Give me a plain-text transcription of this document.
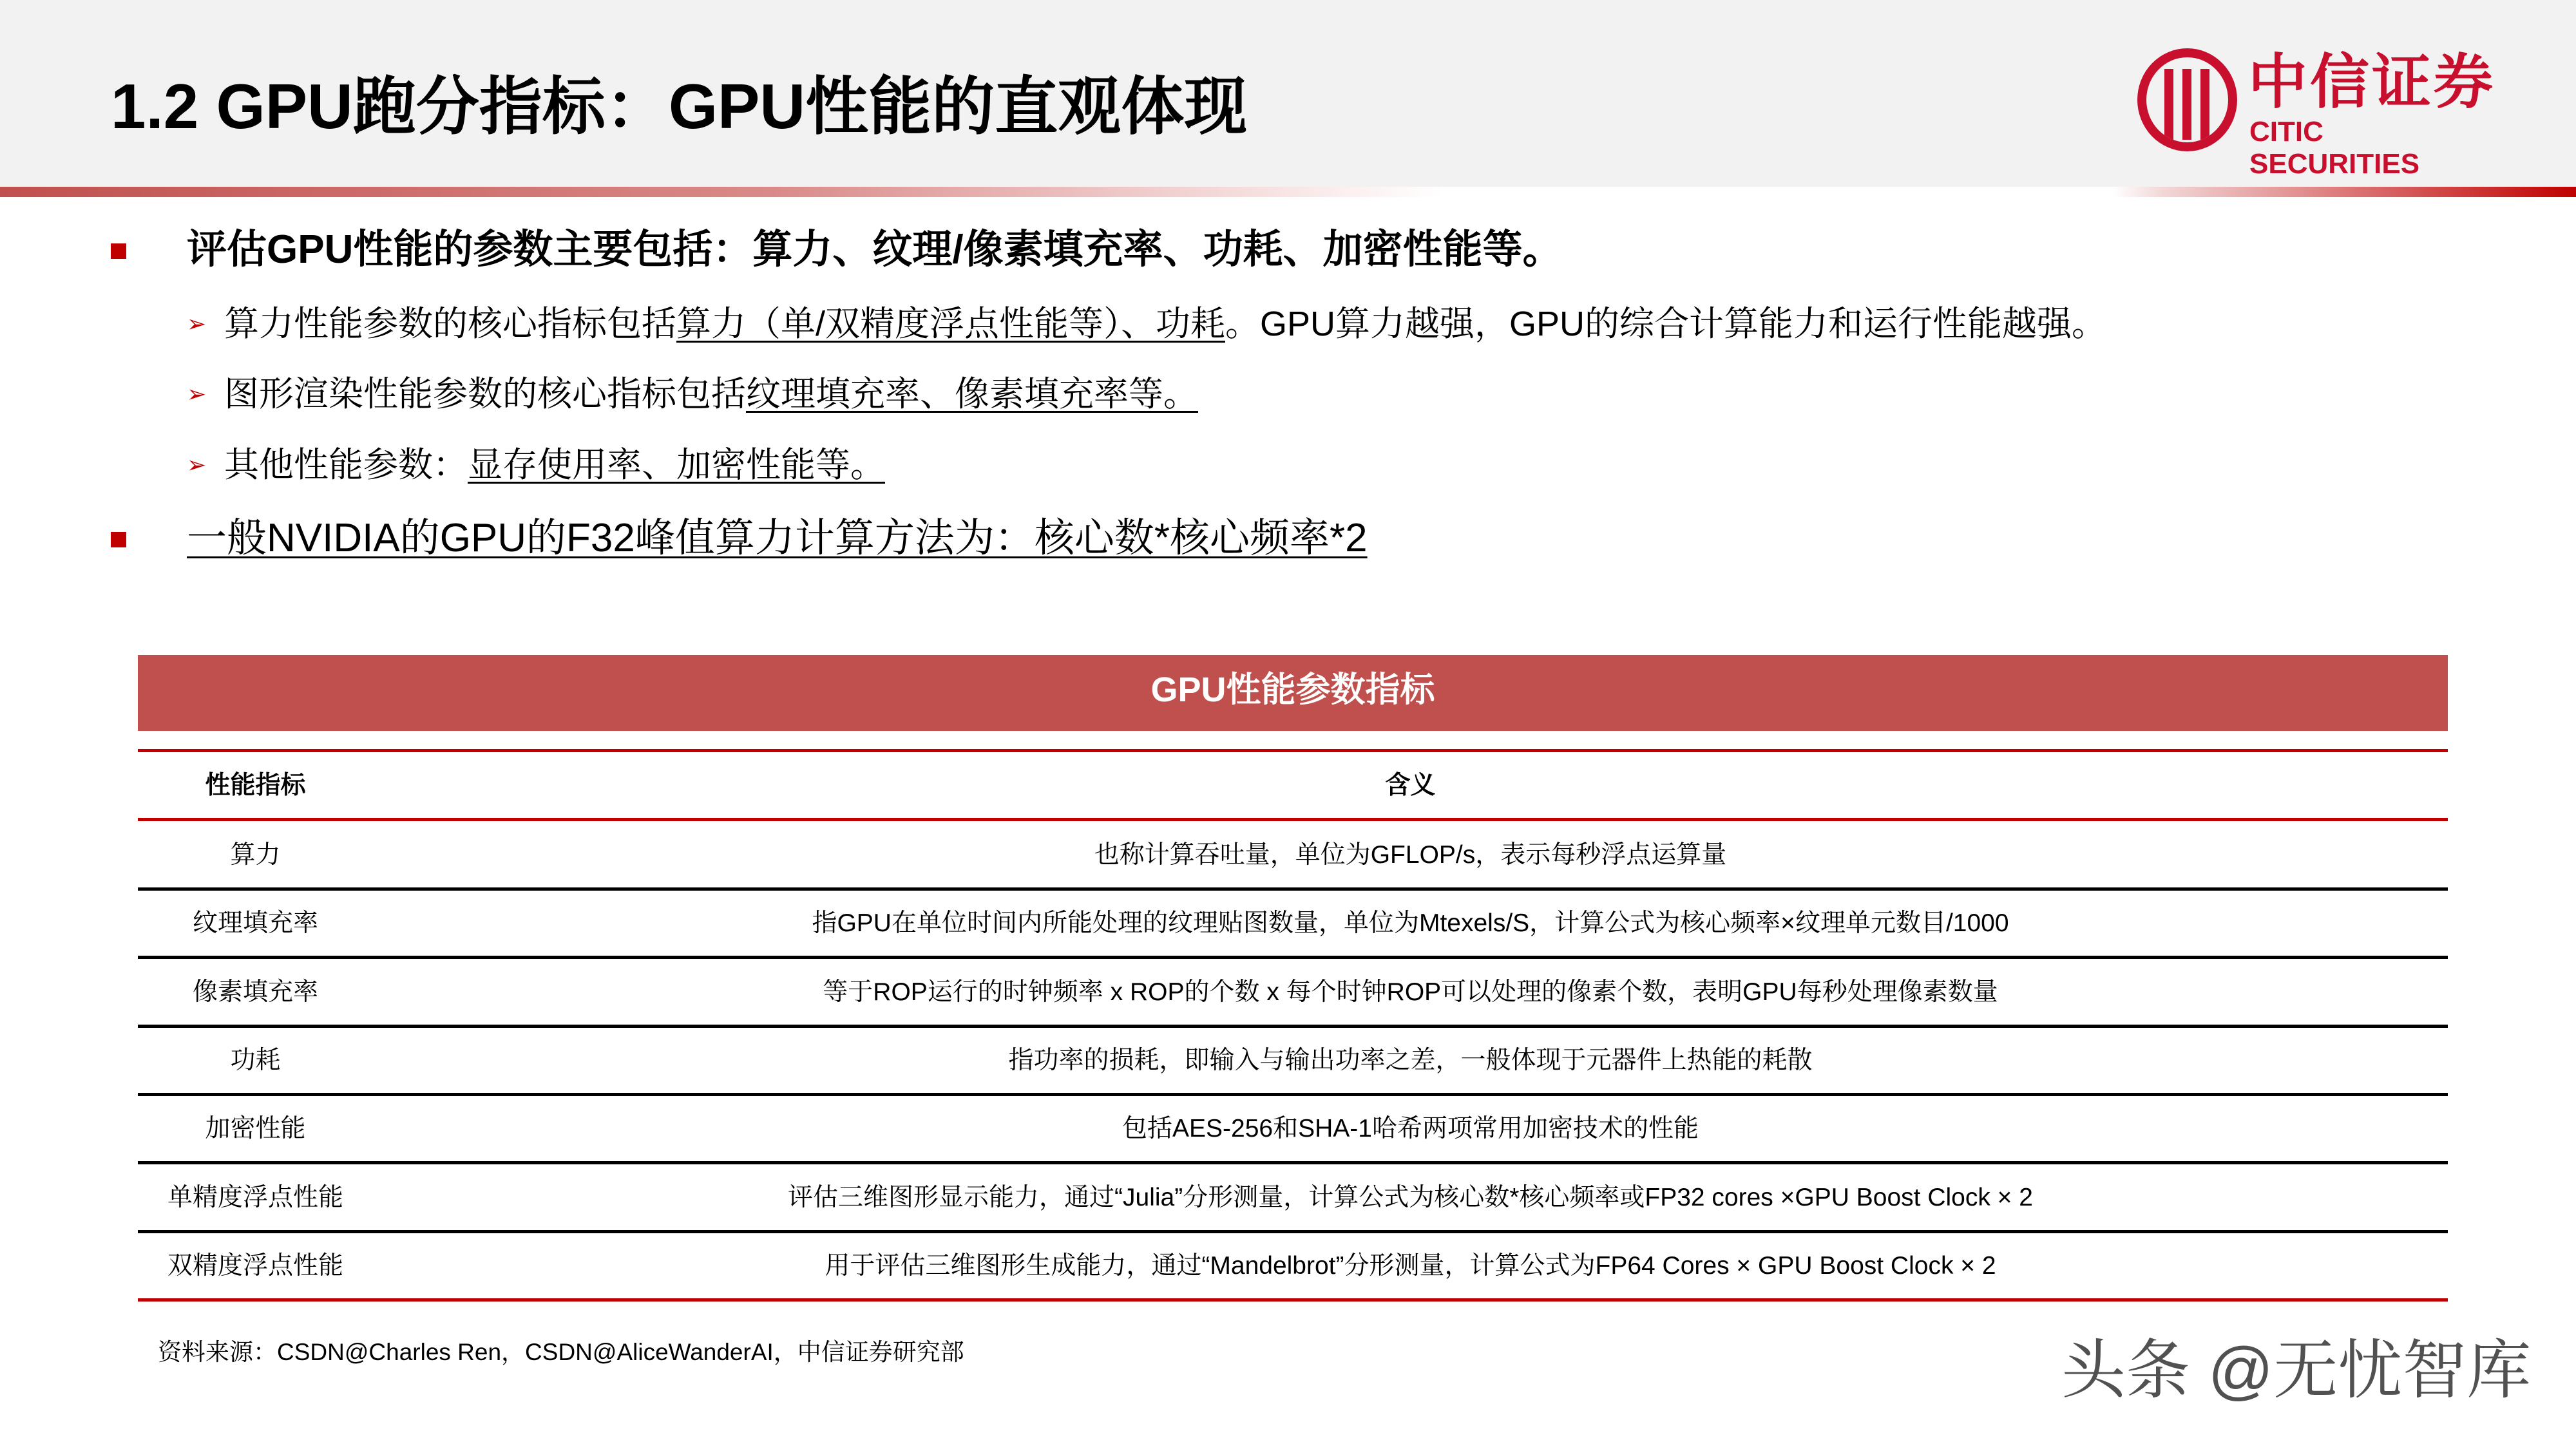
1.2 GPU跑分指标：GPU性能的直观体现	中信证券
CITIC SECURITIES
评估GPU性能的参数主要包括：算力、纹理/像素填充率、功耗、加密性能等。
➢ 算力性能参数的核心指标包括算力（单/双精度浮点性能等）、功耗。GPU算力越强，GPU的综合计算能力和运行性能越强。
➢ 图形渲染性能参数的核心指标包括纹理填充率、像素填充率等。
➢ 其他性能参数：显存使用率、加密性能等。
一般NVIDIA的GPU的F32峰值算力计算方法为：核心数*核心频率*2
GPU性能参数指标
性能指标	含义
算力	也称计算吞吐量，单位为GFLOP/s，表示每秒浮点运算量
纹理填充率	指GPU在单位时间内所能处理的纹理贴图数量，单位为Mtexels/S，计算公式为核心频率×纹理单元数目/1000
像素填充率	等于ROP运行的时钟频率 x ROP的个数 x 每个时钟ROP可以处理的像素个数，表明GPU每秒处理像素数量
功耗	指功率的损耗，即输入与输出功率之差，一般体现于元器件上热能的耗散
加密性能	包括AES-256和SHA-1哈希两项常用加密技术的性能
单精度浮点性能	评估三维图形显示能力，通过“Julia”分形测量，计算公式为核心数*核心频率或FP32 cores ×GPU Boost Clock × 2
双精度浮点性能	用于评估三维图形生成能力，通过“Mandelbrot”分形测量，计算公式为FP64 Cores × GPU Boost Clock × 2
资料来源：CSDN@Charles Ren，CSDN@AliceWanderAI，中信证券研究部	头条 @无忧智库
